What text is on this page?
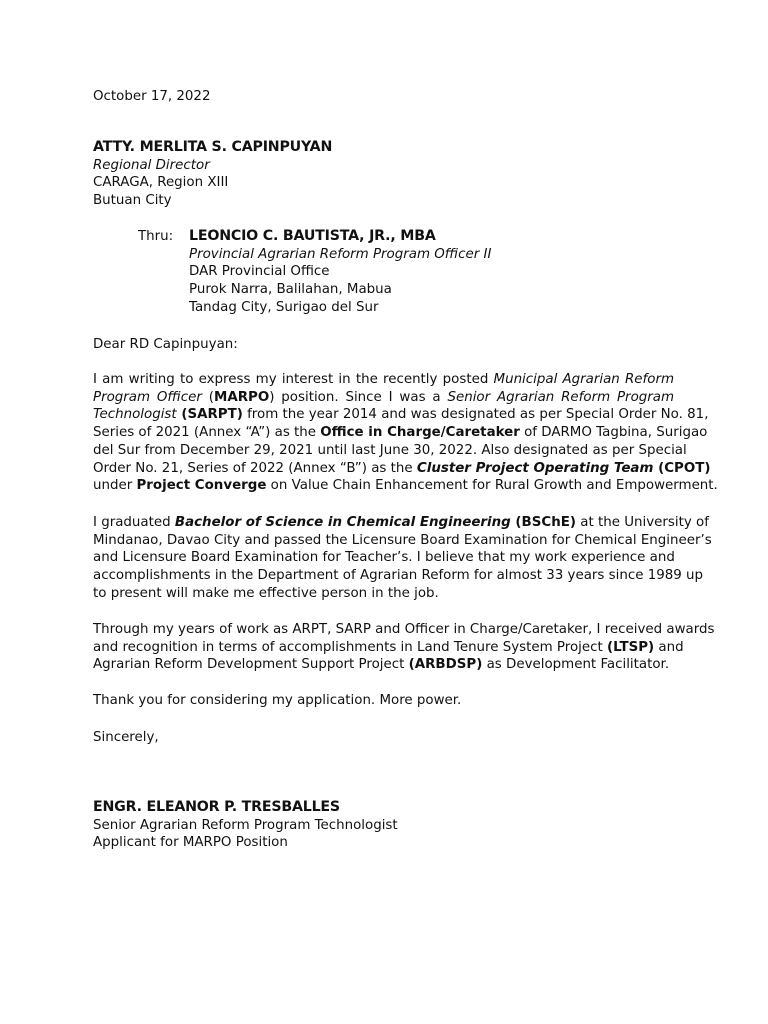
October 17, 2022
ATTY. MERLITA S. CAPINPUYAN
Regional Director
CARAGA, Region XIII
Butuan City
Thru: LEONCIO C. BAUTISTA, JR., MBA
Provincial Agrarian Reform Program Officer II
DAR Provincial Office
Purok Narra, Balilahan, Mabua
Tandag City, Surigao del Sur
Dear RD Capinpuyan:
I am writing to express my interest in the recently posted Municipal Agrarian Reform
Program Officer (MARPO) position. Since I was a Senior Agrarian Reform Program
Technologist (SARPT) from the year 2014 and was designated as per Special Order No. 81,
Series of 2021 (Annex “A”) as the Office in Charge/Caretaker of DARMO Tagbina, Surigao
del Sur from December 29, 2021 until last June 30, 2022. Also designated as per Special
Order No. 21, Series of 2022 (Annex “B”) as the Cluster Project Operating Team (CPOT)
under Project Converge on Value Chain Enhancement for Rural Growth and Empowerment.
I graduated Bachelor of Science in Chemical Engineering (BSChE) at the University of
Mindanao, Davao City and passed the Licensure Board Examination for Chemical Engineer’s
and Licensure Board Examination for Teacher’s. I believe that my work experience and
accomplishments in the Department of Agrarian Reform for almost 33 years since 1989 up
to present will make me effective person in the job.
Through my years of work as ARPT, SARP and Officer in Charge/Caretaker, I received awards
and recognition in terms of accomplishments in Land Tenure System Project (LTSP) and
Agrarian Reform Development Support Project (ARBDSP) as Development Facilitator.
Thank you for considering my application. More power.
Sincerely,
ENGR. ELEANOR P. TRESBALLES
Senior Agrarian Reform Program Technologist
Applicant for MARPO Position
